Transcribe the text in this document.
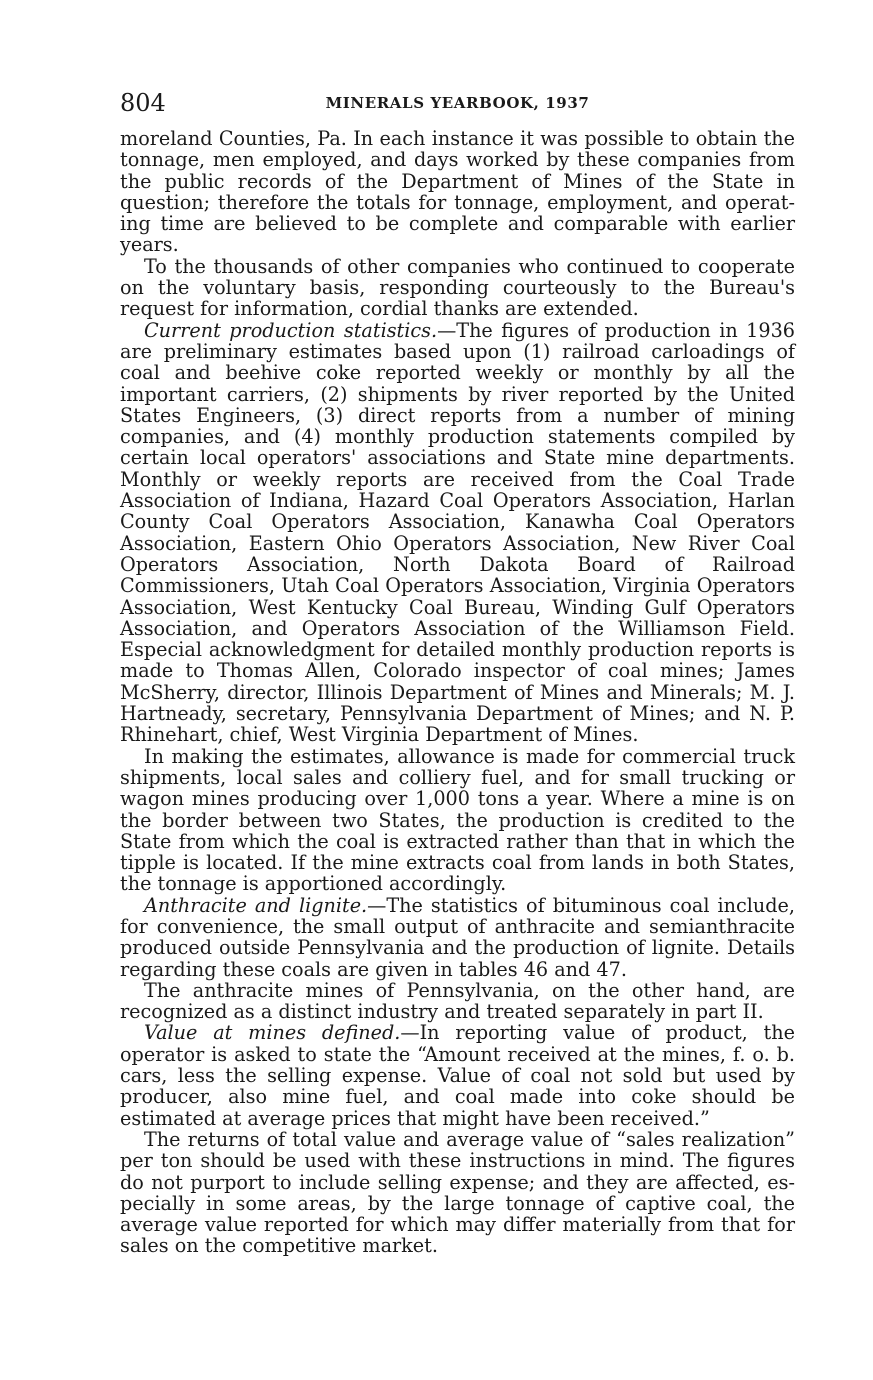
804	MINERALS YEARBOOK, 1937

moreland Counties, Pa. In each instance it was possible to obtain the tonnage, men employed, and days worked by these companies from the public records of the Department of Mines of the State in question; therefore the totals for tonnage, employment, and operating time are believed to be complete and comparable with earlier years.

To the thousands of other companies who continued to cooperate on the voluntary basis, responding courteously to the Bureau's request for information, cordial thanks are extended.

Current production statistics.—The figures of production in 1936 are preliminary estimates based upon (1) railroad carloadings of coal and beehive coke reported weekly or monthly by all the important carriers, (2) shipments by river reported by the United States Engineers, (3) direct reports from a number of mining companies, and (4) monthly production statements compiled by certain local operators' associations and State mine departments. Monthly or weekly reports are received from the Coal Trade Association of Indiana, Hazard Coal Operators Association, Harlan County Coal Operators Association, Kanawha Coal Operators Association, Eastern Ohio Operators Association, New River Coal Operators Association, North Dakota Board of Railroad Commissioners, Utah Coal Operators Association, Virginia Operators Association, West Kentucky Coal Bureau, Winding Gulf Operators Association, and Operators Association of the Williamson Field. Especial acknowledgment for detailed monthly production reports is made to Thomas Allen, Colorado inspector of coal mines; James McSherry, director, Illinois Department of Mines and Minerals; M. J. Hartneady, secretary, Pennsylvania Department of Mines; and N. P. Rhinehart, chief, West Virginia Department of Mines.

In making the estimates, allowance is made for commercial truck shipments, local sales and colliery fuel, and for small trucking or wagon mines producing over 1,000 tons a year. Where a mine is on the border between two States, the production is credited to the State from which the coal is extracted rather than that in which the tipple is located. If the mine extracts coal from lands in both States, the tonnage is apportioned accordingly.

Anthracite and lignite.—The statistics of bituminous coal include, for convenience, the small output of anthracite and semianthracite produced outside Pennsylvania and the production of lignite. Details regarding these coals are given in tables 46 and 47.

The anthracite mines of Pennsylvania, on the other hand, are recognized as a distinct industry and treated separately in part II.

Value at mines defined.—In reporting value of product, the operator is asked to state the “Amount received at the mines, f. o. b. cars, less the selling expense. Value of coal not sold but used by producer, also mine fuel, and coal made into coke should be estimated at average prices that might have been received.”

The returns of total value and average value of “sales realization” per ton should be used with these instructions in mind. The figures do not purport to include selling expense; and they are affected, especially in some areas, by the large tonnage of captive coal, the average value reported for which may differ materially from that for sales on the competitive market.
